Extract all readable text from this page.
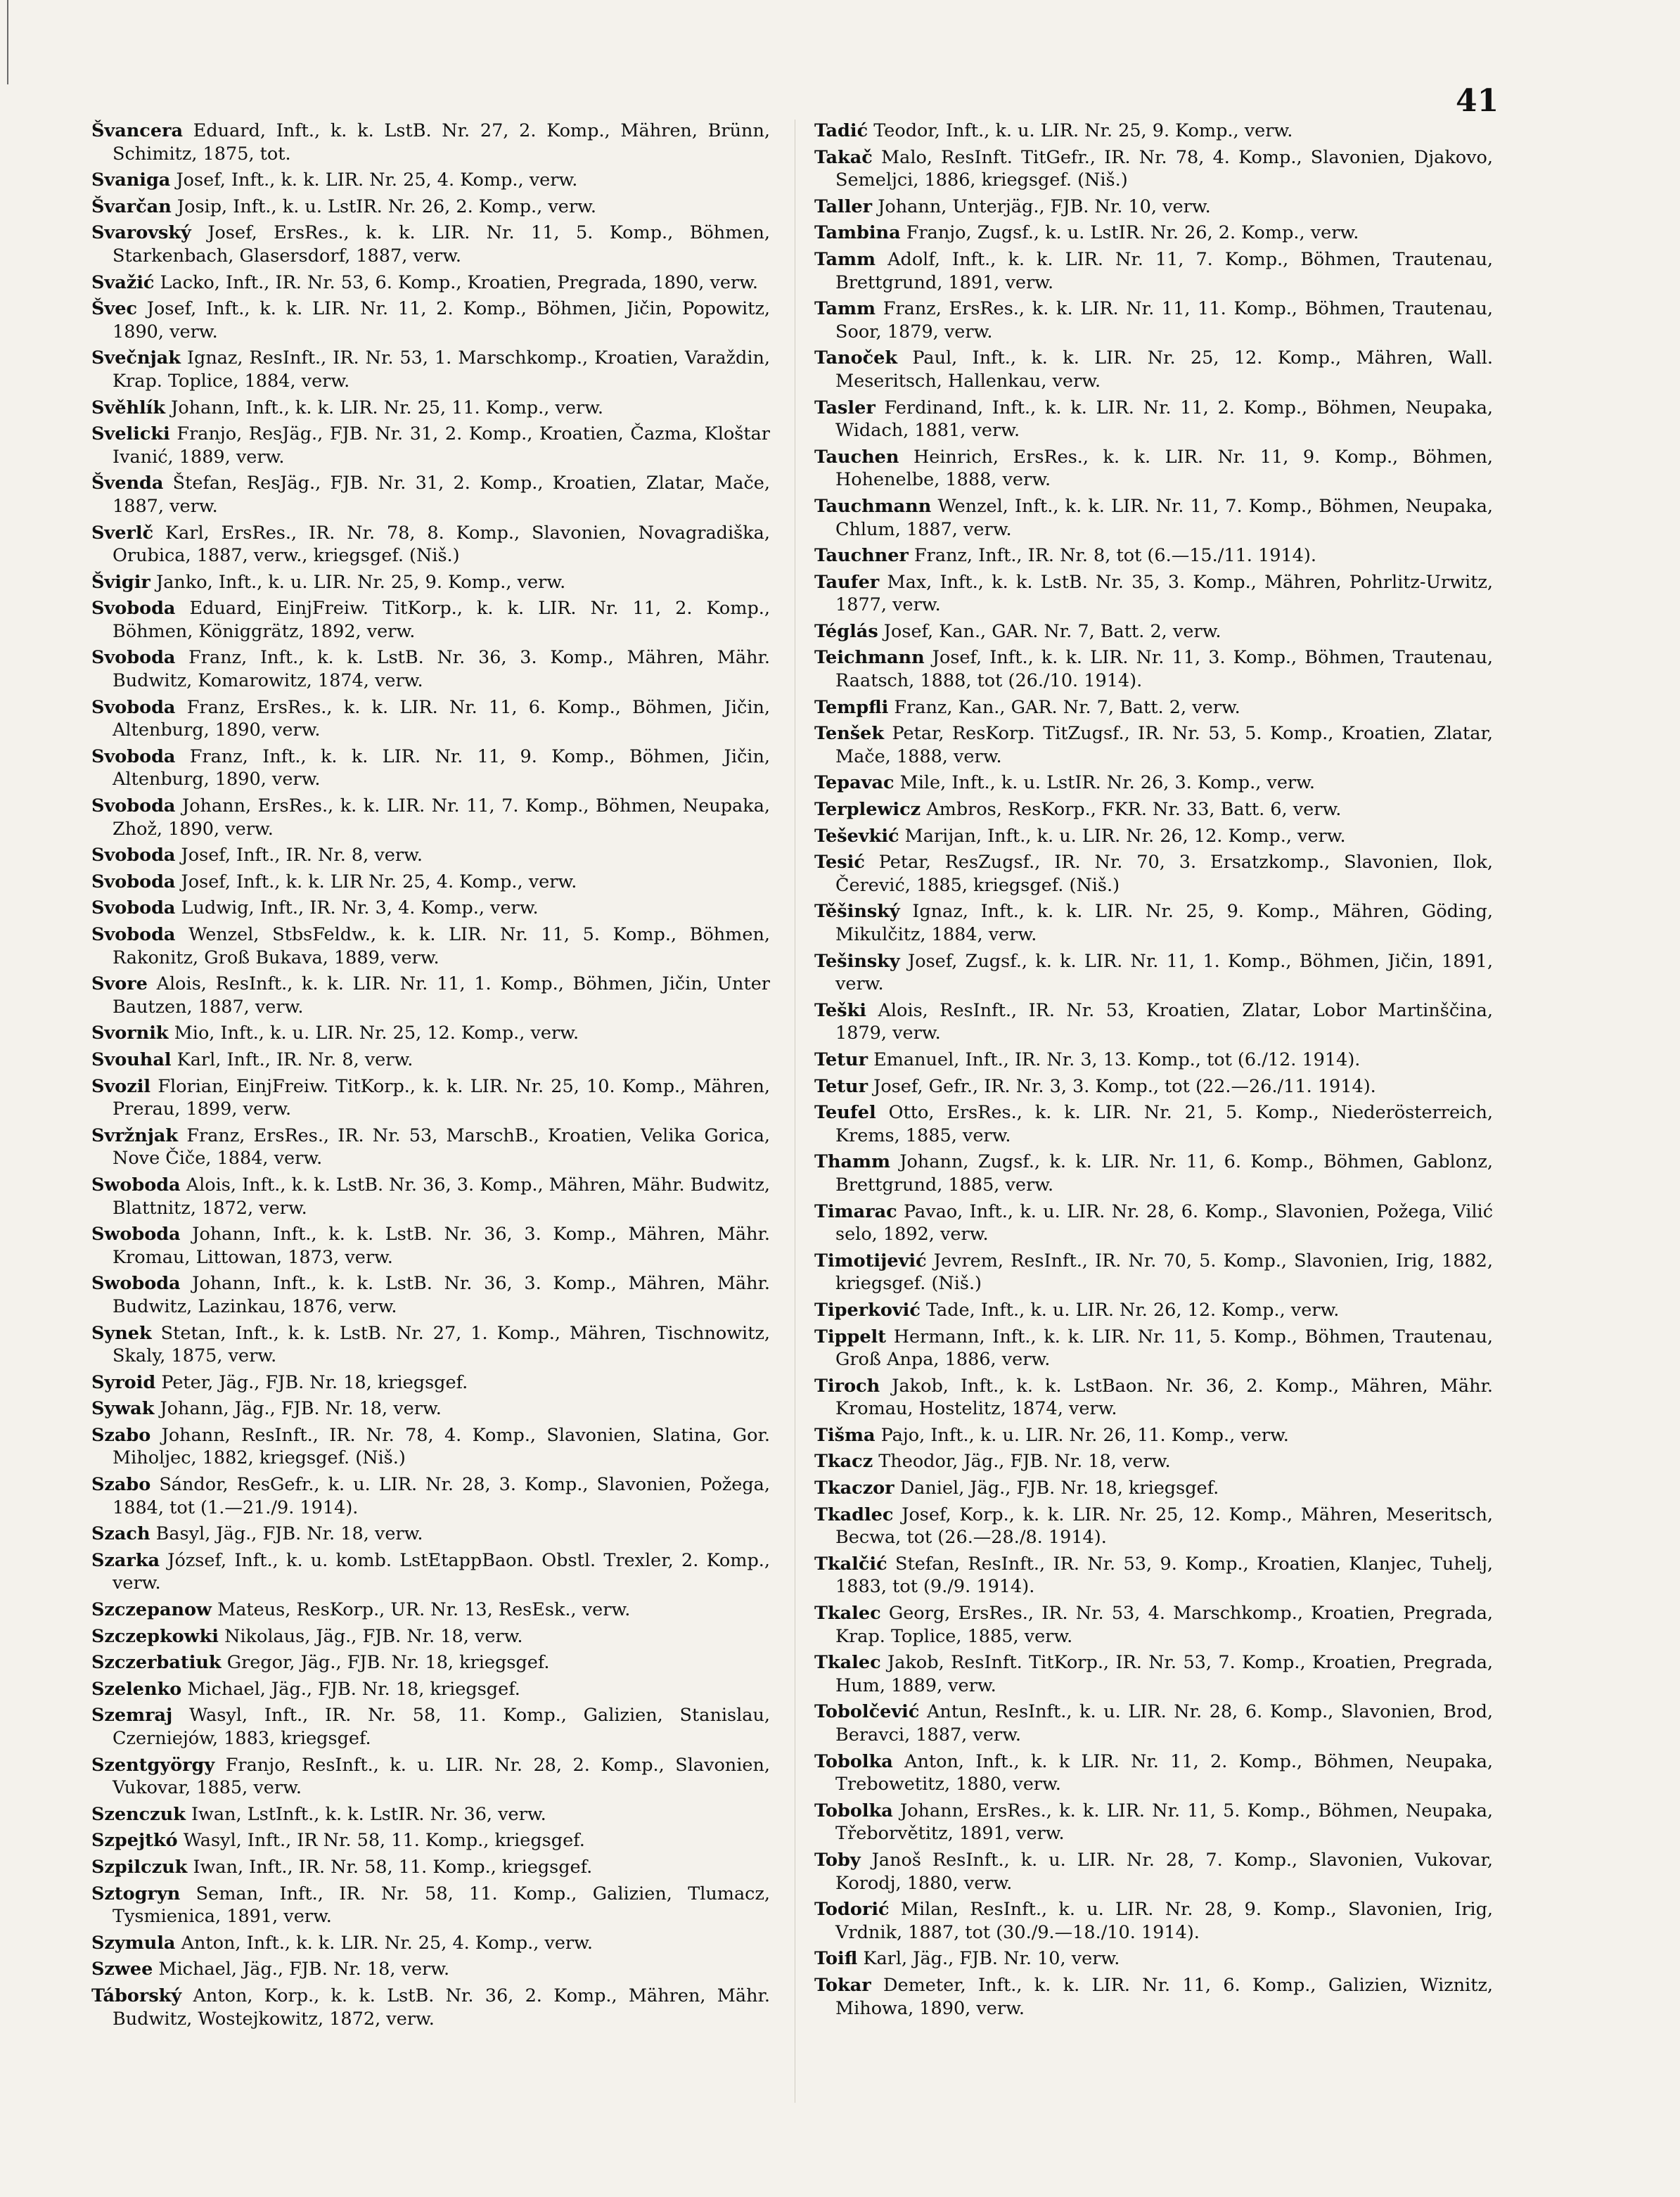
41

Švancera Eduard, Inft., k. k. LstB. Nr. 27, 2. Komp., Mähren, Brünn, Schimitz, 1875, tot.

Svaniga Josef, Inft., k. k. LIR. Nr. 25, 4. Komp., verw.

Švarčan Josip, Inft., k. u. LstIR. Nr. 26, 2. Komp., verw.

Svarovský Josef, ErsRes., k. k. LIR. Nr. 11, 5. Komp., Böhmen, Starkenbach, Glasersdorf, 1887, verw.

Svažić Lacko, Inft., IR. Nr. 53, 6. Komp., Kroatien, Pregrada, 1890, verw.

Švec Josef, Inft., k. k. LIR. Nr. 11, 2. Komp., Böhmen, Jičin, Popowitz, 1890, verw.

Svečnjak Ignaz, ResInft., IR. Nr. 53, 1. Marschkomp., Kroatien, Varaždin, Krap. Toplice, 1884, verw.

Svěhlík Johann, Inft., k. k. LIR. Nr. 25, 11. Komp., verw.

Svelicki Franjo, ResJäg., FJB. Nr. 31, 2. Komp., Kroatien, Čazma, Kloštar Ivanić, 1889, verw.

Švenda Štefan, ResJäg., FJB. Nr. 31, 2. Komp., Kroatien, Zlatar, Mače, 1887, verw.

Sverlč Karl, ErsRes., IR. Nr. 78, 8. Komp., Slavonien, Novagradiška, Orubica, 1887, verw., kriegsgef. (Niš.)

Švigir Janko, Inft., k. u. LIR. Nr. 25, 9. Komp., verw.

Svoboda Eduard, EinjFreiw. TitKorp., k. k. LIR. Nr. 11, 2. Komp., Böhmen, Königgrätz, 1892, verw.

Svoboda Franz, Inft., k. k. LstB. Nr. 36, 3. Komp., Mähren, Mähr. Budwitz, Komarowitz, 1874, verw.

Svoboda Franz, ErsRes., k. k. LIR. Nr. 11, 6. Komp., Böhmen, Jičin, Altenburg, 1890, verw.

Svoboda Franz, Inft., k. k. LIR. Nr. 11, 9. Komp., Böhmen, Jičin, Altenburg, 1890, verw.

Svoboda Johann, ErsRes., k. k. LIR. Nr. 11, 7. Komp., Böhmen, Neupaka, Zhož, 1890, verw.

Svoboda Josef, Inft., IR. Nr. 8, verw.

Svoboda Josef, Inft., k. k. LIR Nr. 25, 4. Komp., verw.

Svoboda Ludwig, Inft., IR. Nr. 3, 4. Komp., verw.

Svoboda Wenzel, StbsFeldw., k. k. LIR. Nr. 11, 5. Komp., Böhmen, Rakonitz, Groß Bukava, 1889, verw.

Svore Alois, ResInft., k. k. LIR. Nr. 11, 1. Komp., Böhmen, Jičin, Unter Bautzen, 1887, verw.

Svornik Mio, Inft., k. u. LIR. Nr. 25, 12. Komp., verw.

Svouhal Karl, Inft., IR. Nr. 8, verw.

Svozil Florian, EinjFreiw. TitKorp., k. k. LIR. Nr. 25, 10. Komp., Mähren, Prerau, 1899, verw.

Svržnjak Franz, ErsRes., IR. Nr. 53, MarschB., Kroatien, Velika Gorica, Nove Čiče, 1884, verw.

Swoboda Alois, Inft., k. k. LstB. Nr. 36, 3. Komp., Mähren, Mähr. Budwitz, Blattnitz, 1872, verw.

Swoboda Johann, Inft., k. k. LstB. Nr. 36, 3. Komp., Mähren, Mähr. Kromau, Littowan, 1873, verw.

Swoboda Johann, Inft., k. k. LstB. Nr. 36, 3. Komp., Mähren, Mähr. Budwitz, Lazinkau, 1876, verw.

Synek Stetan, Inft., k. k. LstB. Nr. 27, 1. Komp., Mähren, Tischnowitz, Skaly, 1875, verw.

Syroid Peter, Jäg., FJB. Nr. 18, kriegsgef.

Sywak Johann, Jäg., FJB. Nr. 18, verw.

Szabo Johann, ResInft., IR. Nr. 78, 4. Komp., Slavonien, Slatina, Gor. Miholjec, 1882, kriegsgef. (Niš.)

Szabo Sándor, ResGefr., k. u. LIR. Nr. 28, 3. Komp., Slavonien, Požega, 1884, tot (1.—21./9. 1914).

Szach Basyl, Jäg., FJB. Nr. 18, verw.

Szarka József, Inft., k. u. komb. LstEtappBaon. Obstl. Trexler, 2. Komp., verw.

Szczepanow Mateus, ResKorp., UR. Nr. 13, ResEsk., verw.

Szczepkowki Nikolaus, Jäg., FJB. Nr. 18, verw.

Szczerbatiuk Gregor, Jäg., FJB. Nr. 18, kriegsgef.

Szelenko Michael, Jäg., FJB. Nr. 18, kriegsgef.

Szemraj Wasyl, Inft., IR. Nr. 58, 11. Komp., Galizien, Stanislau, Czerniejów, 1883, kriegsgef.

Szentgyörgy Franjo, ResInft., k. u. LIR. Nr. 28, 2. Komp., Slavonien, Vukovar, 1885, verw.

Szenczuk Iwan, LstInft., k. k. LstIR. Nr. 36, verw.

Szpejtkó Wasyl, Inft., IR Nr. 58, 11. Komp., kriegsgef.

Szpilczuk Iwan, Inft., IR. Nr. 58, 11. Komp., kriegsgef.

Sztogryn Seman, Inft., IR. Nr. 58, 11. Komp., Galizien, Tlumacz, Tysmienica, 1891, verw.

Szymula Anton, Inft., k. k. LIR. Nr. 25, 4. Komp., verw.

Szwee Michael, Jäg., FJB. Nr. 18, verw.

Táborský Anton, Korp., k. k. LstB. Nr. 36, 2. Komp., Mähren, Mähr. Budwitz, Wostejkowitz, 1872, verw.

Tadić Teodor, Inft., k. u. LIR. Nr. 25, 9. Komp., verw.

Takač Malo, ResInft. TitGefr., IR. Nr. 78, 4. Komp., Slavonien, Djakovo, Semeljci, 1886, kriegsgef. (Niš.)

Taller Johann, Unterjäg., FJB. Nr. 10, verw.

Tambina Franjo, Zugsf., k. u. LstIR. Nr. 26, 2. Komp., verw.

Tamm Adolf, Inft., k. k. LIR. Nr. 11, 7. Komp., Böhmen, Trautenau, Brettgrund, 1891, verw.

Tamm Franz, ErsRes., k. k. LIR. Nr. 11, 11. Komp., Böhmen, Trautenau, Soor, 1879, verw.

Tanoček Paul, Inft., k. k. LIR. Nr. 25, 12. Komp., Mähren, Wall. Meseritsch, Hallenkau, verw.

Tasler Ferdinand, Inft., k. k. LIR. Nr. 11, 2. Komp., Böhmen, Neupaka, Widach, 1881, verw.

Tauchen Heinrich, ErsRes., k. k. LIR. Nr. 11, 9. Komp., Böhmen, Hohenelbe, 1888, verw.

Tauchmann Wenzel, Inft., k. k. LIR. Nr. 11, 7. Komp., Böhmen, Neupaka, Chlum, 1887, verw.

Tauchner Franz, Inft., IR. Nr. 8, tot (6.—15./11. 1914).

Taufer Max, Inft., k. k. LstB. Nr. 35, 3. Komp., Mähren, Pohrlitz-Urwitz, 1877, verw.

Téglás Josef, Kan., GAR. Nr. 7, Batt. 2, verw.

Teichmann Josef, Inft., k. k. LIR. Nr. 11, 3. Komp., Böhmen, Trautenau, Raatsch, 1888, tot (26./10. 1914).

Tempfli Franz, Kan., GAR. Nr. 7, Batt. 2, verw.

Tenšek Petar, ResKorp. TitZugsf., IR. Nr. 53, 5. Komp., Kroatien, Zlatar, Mače, 1888, verw.

Tepavac Mile, Inft., k. u. LstIR. Nr. 26, 3. Komp., verw.

Terplewicz Ambros, ResKorp., FKR. Nr. 33, Batt. 6, verw.

Teševkić Marijan, Inft., k. u. LIR. Nr. 26, 12. Komp., verw.

Tesić Petar, ResZugsf., IR. Nr. 70, 3. Ersatzkomp., Slavonien, Ilok, Čerević, 1885, kriegsgef. (Niš.)

Těšinský Ignaz, Inft., k. k. LIR. Nr. 25, 9. Komp., Mähren, Göding, Mikulčitz, 1884, verw.

Tešinsky Josef, Zugsf., k. k. LIR. Nr. 11, 1. Komp., Böhmen, Jičin, 1891, verw.

Teški Alois, ResInft., IR. Nr. 53, Kroatien, Zlatar, Lobor Martinščina, 1879, verw.

Tetur Emanuel, Inft., IR. Nr. 3, 13. Komp., tot (6./12. 1914).

Tetur Josef, Gefr., IR. Nr. 3, 3. Komp., tot (22.—26./11. 1914).

Teufel Otto, ErsRes., k. k. LIR. Nr. 21, 5. Komp., Niederösterreich, Krems, 1885, verw.

Thamm Johann, Zugsf., k. k. LIR. Nr. 11, 6. Komp., Böhmen, Gablonz, Brettgrund, 1885, verw.

Timarac Pavao, Inft., k. u. LIR. Nr. 28, 6. Komp., Slavonien, Požega, Vilić selo, 1892, verw.

Timotijević Jevrem, ResInft., IR. Nr. 70, 5. Komp., Slavonien, Irig, 1882, kriegsgef. (Niš.)

Tiperković Tade, Inft., k. u. LIR. Nr. 26, 12. Komp., verw.

Tippelt Hermann, Inft., k. k. LIR. Nr. 11, 5. Komp., Böhmen, Trautenau, Groß Anpa, 1886, verw.

Tiroch Jakob, Inft., k. k. LstBaon. Nr. 36, 2. Komp., Mähren, Mähr. Kromau, Hostelitz, 1874, verw.

Tišma Pajo, Inft., k. u. LIR. Nr. 26, 11. Komp., verw.

Tkacz Theodor, Jäg., FJB. Nr. 18, verw.

Tkaczor Daniel, Jäg., FJB. Nr. 18, kriegsgef.

Tkadlec Josef, Korp., k. k. LIR. Nr. 25, 12. Komp., Mähren, Meseritsch, Becwa, tot (26.—28./8. 1914).

Tkalčić Stefan, ResInft., IR. Nr. 53, 9. Komp., Kroatien, Klanjec, Tuhelj, 1883, tot (9./9. 1914).

Tkalec Georg, ErsRes., IR. Nr. 53, 4. Marschkomp., Kroatien, Pregrada, Krap. Toplice, 1885, verw.

Tkalec Jakob, ResInft. TitKorp., IR. Nr. 53, 7. Komp., Kroatien, Pregrada, Hum, 1889, verw.

Tobolčević Antun, ResInft., k. u. LIR. Nr. 28, 6. Komp., Slavonien, Brod, Beravci, 1887, verw.

Tobolka Anton, Inft., k. k LIR. Nr. 11, 2. Komp., Böhmen, Neupaka, Trebowetitz, 1880, verw.

Tobolka Johann, ErsRes., k. k. LIR. Nr. 11, 5. Komp., Böhmen, Neupaka, Třeborvětitz, 1891, verw.

Toby Janoš ResInft., k. u. LIR. Nr. 28, 7. Komp., Slavonien, Vukovar, Korodj, 1880, verw.

Todorić Milan, ResInft., k. u. LIR. Nr. 28, 9. Komp., Slavonien, Irig, Vrdnik, 1887, tot (30./9.—18./10. 1914).

Toifl Karl, Jäg., FJB. Nr. 10, verw.

Tokar Demeter, Inft., k. k. LIR. Nr. 11, 6. Komp., Galizien, Wiznitz, Mihowa, 1890, verw.
